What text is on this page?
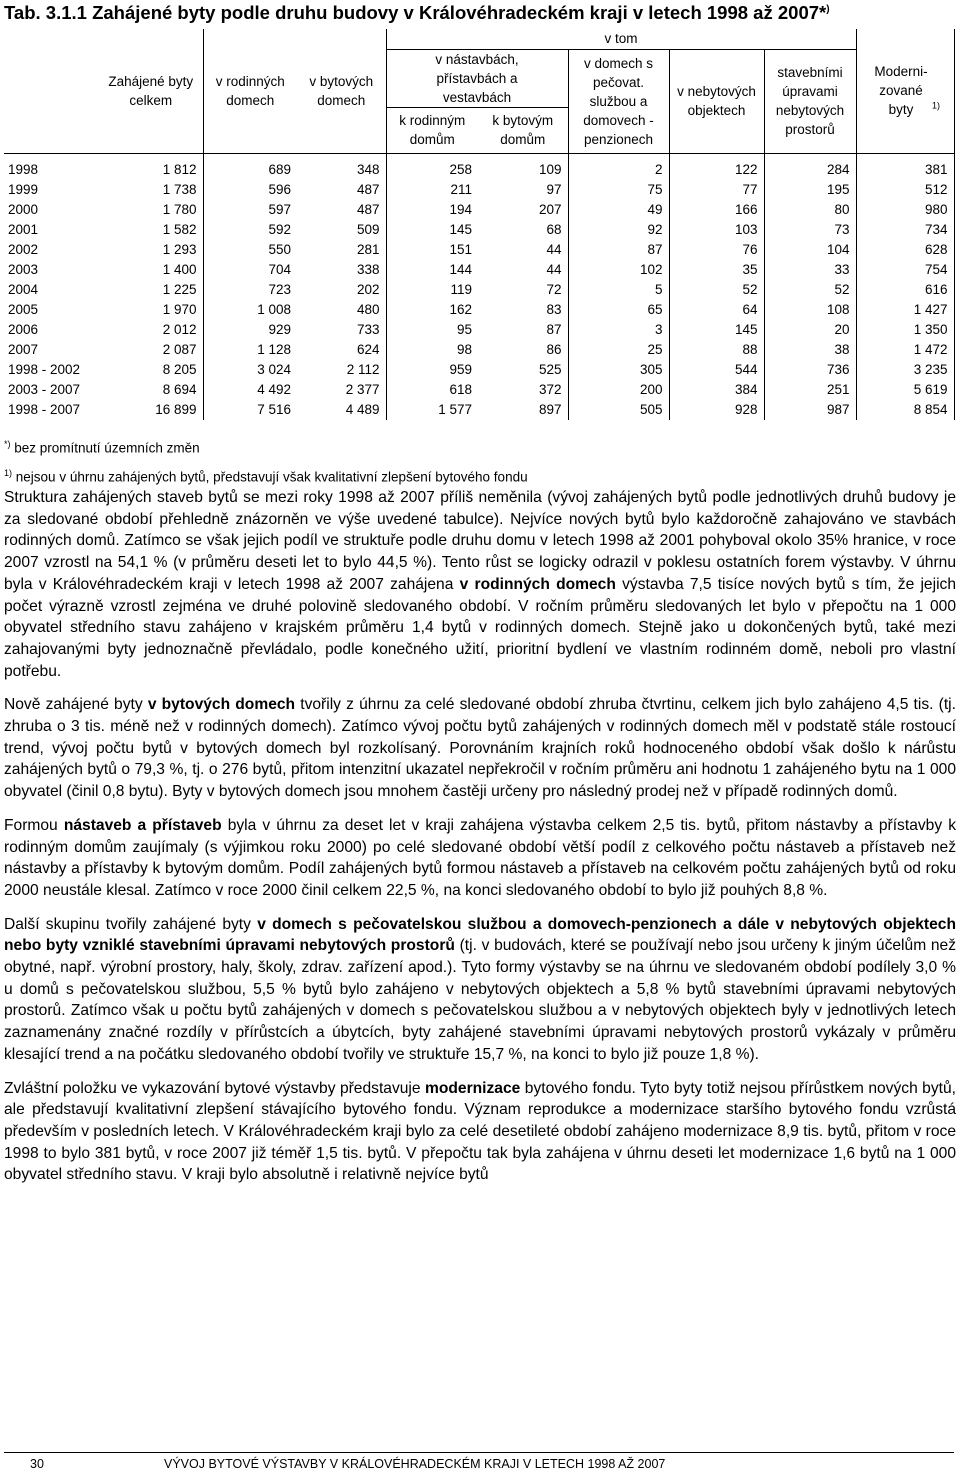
Tab. 3.1.1 Zahájené byty podle druhu budovy v Královéhradeckém kraji v letech 1998 až 2007*)
	Zahájené byty celkem	v rodinných domech	v bytových domech	v tom					Moderni-zované byty $^{1)}$
				v nástavbách, přístavbách a vestavbách		v domech s pečovat. službou a domovech - penzionech	v nebytových objektech	stavebními úpravami nebytových prostorů	
				k rodinným domům	k bytovým domům				
1998	1 812	689	348	258	109	2	122	284	381
1999	1 738	596	487	211	97	75	77	195	512
2000	1 780	597	487	194	207	49	166	80	980
2001	1 582	592	509	145	68	92	103	73	734
2002	1 293	550	281	151	44	87	76	104	628
2003	1 400	704	338	144	44	102	35	33	754
2004	1 225	723	202	119	72	5	52	52	616
2005	1 970	1 008	480	162	83	65	64	108	1 427
2006	2 012	929	733	95	87	3	145	20	1 350
2007	2 087	1 128	624	98	86	25	88	38	1 472
1998 - 2002	8 205	3 024	2 112	959	525	305	544	736	3 235
2003 - 2007	8 694	4 492	2 377	618	372	200	384	251	5 619
1998 - 2007	16 899	7 516	4 489	1 577	897	505	928	987	8 854
*) bez promítnutí územních změn
$^{1)}$ nejsou v úhrnu zahájených bytů, představují však kvalitativní zlepšení bytového fondu

Struktura zahájených staveb bytů se mezi roky 1998 až 2007 příliš neměnila (vývoj zahájených bytů podle jednotlivých druhů budovy je za sledované období přehledně znázorněn ve výše uvedené tabulce). Nejvíce nových bytů bylo každoročně zahajováno ve stavbách rodinných domů. Zatímco se však jejich podíl ve struktuře podle druhu domu v letech 1998 až 2001 pohyboval okolo 35% hranice, v roce 2007 vzrostl na 54,1 % (v průměru deseti let to bylo 44,5 %). Tento růst se logicky odrazil v poklesu ostatních forem výstavby. V úhrnu byla v Královéhradeckém kraji v letech 1998 až 2007 zahájena v rodinných domech výstavba 7,5 tisíce nových bytů s tím, že jejich počet výrazně vzrostl zejména ve druhé polovině sledovaného období. V ročním průměru sledovaných let bylo v přepočtu na 1 000 obyvatel středního stavu zahájeno v krajském průměru 1,4 bytů v rodinných domech. Stejně jako u dokončených bytů, také mezi zahajovanými byty jednoznačně převládalo, podle konečného užití, prioritní bydlení ve vlastním rodinném domě, neboli pro vlastní potřebu.

Nově zahájené byty v bytových domech tvořily z úhrnu za celé sledované období zhruba čtvrtinu, celkem jich bylo zahájeno 4,5 tis. (tj. zhruba o 3 tis. méně než v rodinných domech). Zatímco vývoj počtu bytů zahájených v rodinných domech měl v podstatě stále rostoucí trend, vývoj počtu bytů v bytových domech byl rozkolísaný. Porovnáním krajních roků hodnoceného období však došlo k nárůstu zahájených bytů o 79,3 %, tj. o 276 bytů, přitom intenzitní ukazatel nepřekročil v ročním průměru ani hodnotu 1 zahájeného bytu na 1 000 obyvatel (činil 0,8 bytu). Byty v bytových domech jsou mnohem častěji určeny pro následný prodej než v případě rodinných domů.

Formou nástaveb a přístaveb byla v úhrnu za deset let v kraji zahájena výstavba celkem 2,5 tis. bytů, přitom nástavby a přístavby k rodinným domům zaujímaly (s výjimkou roku 2000) po celé sledované období větší podíl z celkového počtu nástaveb a přístaveb než nástavby a přístavby k bytovým domům. Podíl zahájených bytů formou nástaveb a přístaveb na celkovém počtu zahájených bytů od roku 2000 neustále klesal. Zatímco v roce 2000 činil celkem 22,5 %, na konci sledovaného období to bylo již pouhých 8,8 %.

Další skupinu tvořily zahájené byty v domech s pečovatelskou službou a domovech-penzionech a dále v nebytových objektech nebo byty vzniklé stavebními úpravami nebytových prostorů (tj. v budovách, které se používají nebo jsou určeny k jiným účelům než obytné, např. výrobní prostory, haly, školy, zdrav. zařízení apod.). Tyto formy výstavby se na úhrnu ve sledovaném období podílely 3,0 % u domů s pečovatelskou službou, 5,5 % bytů bylo zahájeno v nebytových objektech a 5,8 % bytů stavebními úpravami nebytových prostorů. Zatímco však u počtu bytů zahájených v domech s pečovatelskou službou a v nebytových objektech byly v jednotlivých letech zaznamenány značné rozdíly v přírůstcích a úbytcích, byty zahájené stavebními úpravami nebytových prostorů vykázaly v průměru klesající trend a na počátku sledovaného období tvořily ve struktuře 15,7 %, na konci to bylo již pouze 1,8 %).

Zvláštní položku ve vykazování bytové výstavby představuje modernizace bytového fondu. Tyto byty totiž nejsou přírůstkem nových bytů, ale představují kvalitativní zlepšení stávajícího bytového fondu. Význam reprodukce a modernizace staršího bytového fondu vzrůstá především v posledních letech. V Královéhradeckém kraji bylo za celé desetileté období zahájeno modernizace 8,9 tis. bytů, přitom v roce 1998 to bylo 381 bytů, v roce 2007 již téměř 1,5 tis. bytů. V přepočtu tak byla zahájena v úhrnu deseti let modernizace 1,6 bytů na 1 000 obyvatel středního stavu. V kraji bylo absolutně i relativně nejvíce bytů

30	VÝVOJ BYTOVÉ VÝSTAVBY V KRÁLOVÉHRADECKÉM KRAJI V LETECH 1998 AŽ 2007
